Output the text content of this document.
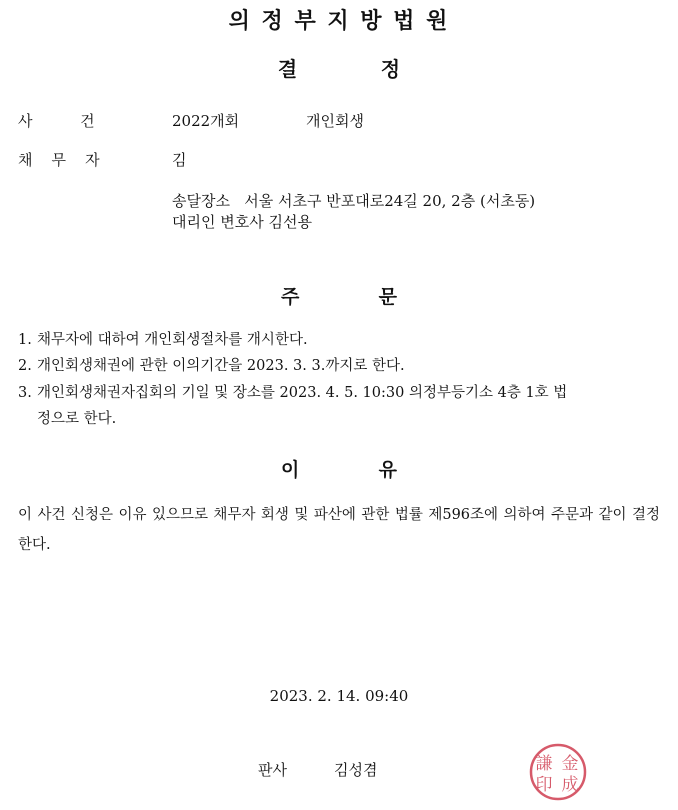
의 정 부 지 방 법 원
결            정
사          건	2022개회	개인회생
채    무    자	김
송달장소   서울 서초구 반포대로24길 20, 2층 (서초동)
대리인 변호사 김선용
주            문
1. 채무자에 대하여 개인회생절차를 개시한다.
2. 개인회생채권에 관한 이의기간을 2023. 3. 3.까지로 한다.
3. 개인회생채권자집회의 기일 및 장소를 2023. 4. 5. 10:30 의정부등기소 4층 1호 법
정으로 한다.
이            유
이 사건 신청은 이유 있으므로 채무자 회생 및 파산에 관한 법률 제596조에 의하여 주문과 같이 결정한다.
2023. 2. 14. 09:40
판사	김성겸	謙 金
成
印
